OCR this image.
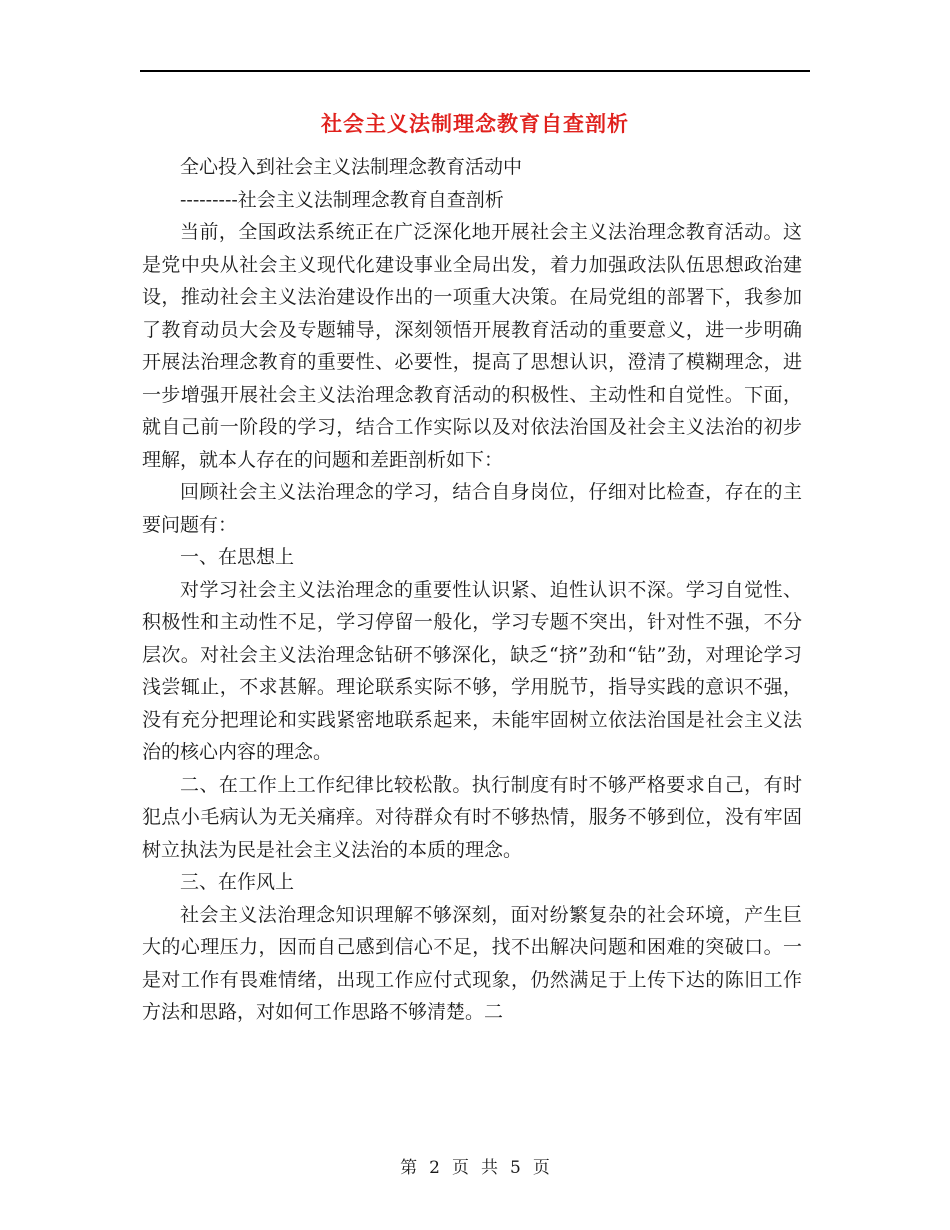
社会主义法制理念教育自查剖析

全心投入到社会主义法制理念教育活动中

---------社会主义法制理念教育自查剖析

当前，全国政法系统正在广泛深化地开展社会主义法治理念教育活动。这是党中央从社会主义现代化建设事业全局出发，着力加强政法队伍思想政治建设，推动社会主义法治建设作出的一项重大决策。在局党组的部署下，我参加了教育动员大会及专题辅导，深刻领悟开展教育活动的重要意义，进一步明确开展法治理念教育的重要性、必要性，提高了思想认识，澄清了模糊理念，进一步增强开展社会主义法治理念教育活动的积极性、主动性和自觉性。下面，就自己前一阶段的学习，结合工作实际以及对依法治国及社会主义法治的初步理解，就本人存在的问题和差距剖析如下：

回顾社会主义法治理念的学习，结合自身岗位，仔细对比检查，存在的主要问题有：

一、在思想上

对学习社会主义法治理念的重要性认识紧、迫性认识不深。学习自觉性、积极性和主动性不足，学习停留一般化，学习专题不突出，针对性不强，不分层次。对社会主义法治理念钻研不够深化，缺乏“挤”劲和“钻”劲，对理论学习浅尝辄止，不求甚解。理论联系实际不够，学用脱节，指导实践的意识不强，没有充分把理论和实践紧密地联系起来，未能牢固树立依法治国是社会主义法治的核心内容的理念。

二、在工作上工作纪律比较松散。执行制度有时不够严格要求自己，有时犯点小毛病认为无关痛痒。对待群众有时不够热情，服务不够到位，没有牢固树立执法为民是社会主义法治的本质的理念。

三、在作风上

社会主义法治理念知识理解不够深刻，面对纷繁复杂的社会环境，产生巨大的心理压力，因而自己感到信心不足，找不出解决问题和困难的突破口。一是对工作有畏难情绪，出现工作应付式现象，仍然满足于上传下达的陈旧工作方法和思路，对如何工作思路不够清楚。二

第 2 页 共 5 页
